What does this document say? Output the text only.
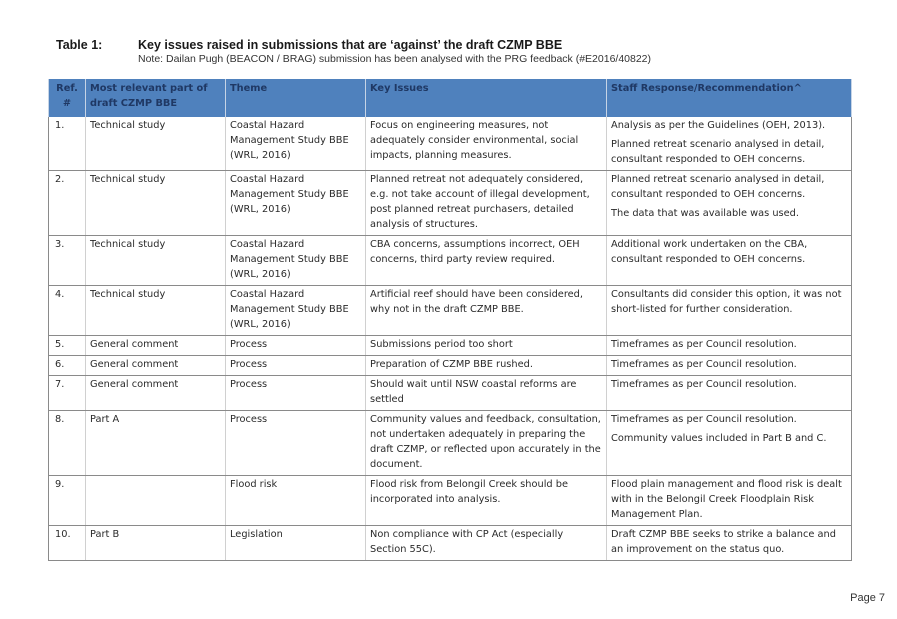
Table 1:	Key issues raised in submissions that are ‘against’ the draft CZMP BBE
Note: Dailan Pugh (BEACON / BRAG) submission has been analysed with the PRG feedback (#E2016/40822)
Ref. #	Most relevant part of draft CZMP BBE	Theme	Key Issues	Staff Response/Recommendation^
1.	Technical study	Coastal Hazard Management Study BBE (WRL, 2016)	Focus on engineering measures, not adequately consider environmental, social impacts, planning measures.	Analysis as per the Guidelines (OEH, 2013).

Planned retreat scenario analysed in detail, consultant responded to OEH concerns.

2.	Technical study	Coastal Hazard Management Study BBE (WRL, 2016)	Planned retreat not adequately considered, e.g. not take account of illegal development, post planned retreat purchasers, detailed analysis of structures.	Planned retreat scenario analysed in detail, consultant responded to OEH concerns.

The data that was available was used.

3.	Technical study	Coastal Hazard Management Study BBE (WRL, 2016)	CBA concerns, assumptions incorrect, OEH concerns, third party review required.	Additional work undertaken on the CBA, consultant responded to OEH concerns.

4.	Technical study	Coastal Hazard Management Study BBE (WRL, 2016)	Artificial reef should have been considered, why not in the draft CZMP BBE.	Consultants did consider this option, it was not short-listed for further consideration.

5.	General comment	Process	Submissions period too short	Timeframes as per Council resolution.

6.	General comment	Process	Preparation of CZMP BBE rushed.	Timeframes as per Council resolution.

7.	General comment	Process	Should wait until NSW coastal reforms are settled	Timeframes as per Council resolution.

8.	Part A	Process	Community values and feedback, consultation, not undertaken adequately in preparing the draft CZMP, or reflected upon accurately in the document.	Timeframes as per Council resolution.

Community values included in Part B and C.

9.		Flood risk	Flood risk from Belongil Creek should be incorporated into analysis.	Flood plain management and flood risk is dealt with in the Belongil Creek Floodplain Risk Management Plan.

10.	Part B	Legislation	Non compliance with CP Act (especially Section 55C).	Draft CZMP BBE seeks to strike a balance and an improvement on the status quo.

Page 7
